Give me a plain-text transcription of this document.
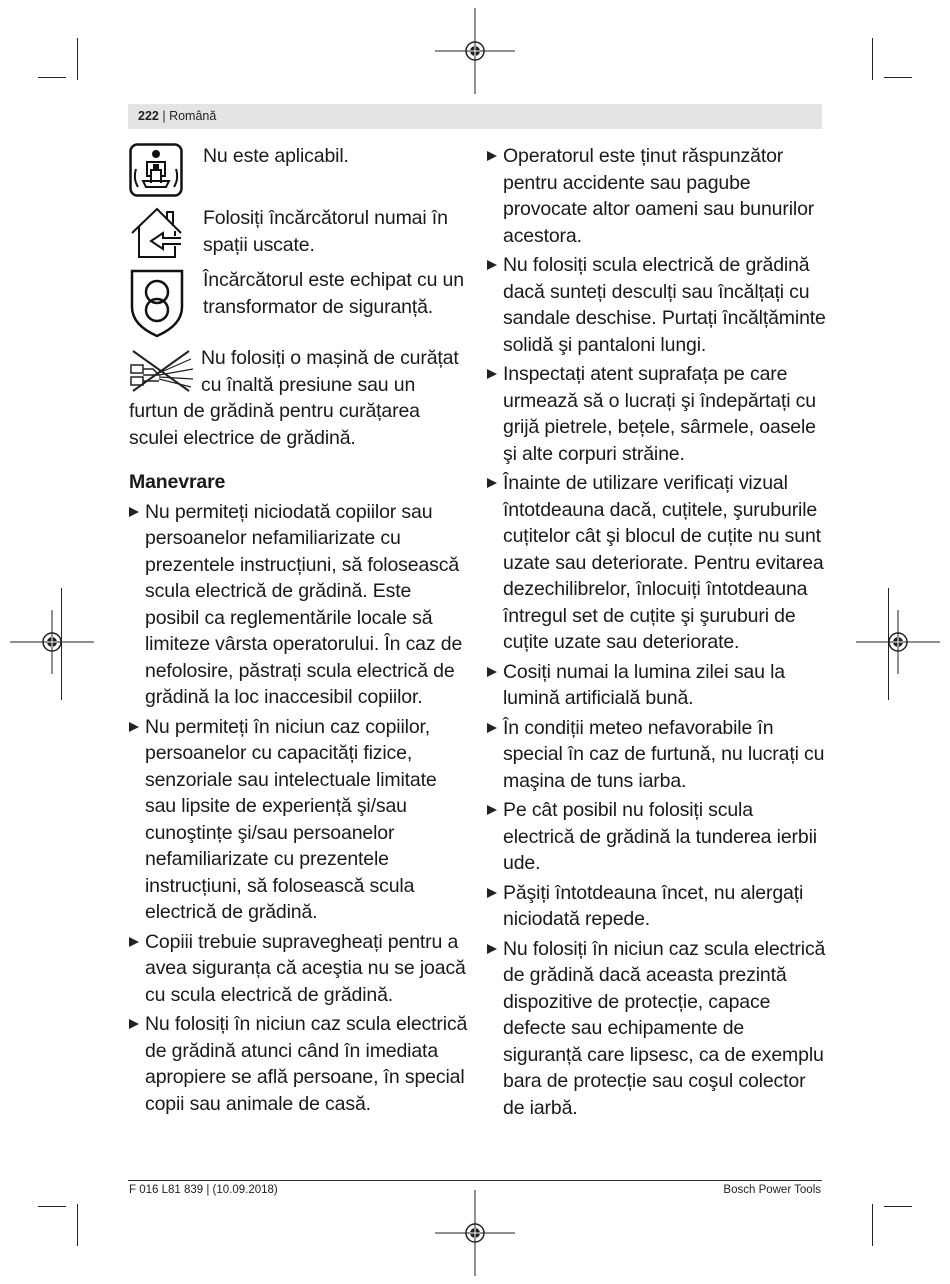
222 | Română
Nu este aplicabil.
Folosiți încărcătorul numai în spații uscate.
Încărcătorul este echipat cu un transformator de siguranță.
Nu folosiți o mașină de curățat cu înaltă presiune sau un furtun de grădină pentru curățarea sculei electrice de grădină.
Manevrare
Nu permiteți niciodată copiilor sau persoanelor nefamiliarizate cu prezentele instrucțiuni, să folosească scula electrică de grădină. Este posibil ca reglementările locale să limiteze vârsta operatorului. În caz de nefolosire, păstrați scula electrică de grădină la loc inaccesibil copiilor.
Nu permiteți în niciun caz copiilor, persoanelor cu capacități fizice, senzoriale sau intelectuale limitate sau lipsite de experiență şi/sau cunoştințe şi/sau persoanelor nefamiliarizate cu prezentele instrucțiuni, să folosească scula electrică de grădină.
Copiii trebuie supravegheați pentru a avea siguranța că aceştia nu se joacă cu scula electrică de grădină.
Nu folosiți în niciun caz scula electrică de grădină atunci când în imediata apropiere se află persoane, în special copii sau animale de casă.
Operatorul este ținut răspunzător pentru accidente sau pagube provocate altor oameni sau bunurilor acestora.
Nu folosiți scula electrică de grădină dacă sunteți desculți sau încălțați cu sandale deschise. Purtați încălțăminte solidă şi pantaloni lungi.
Inspectați atent suprafața pe care urmează să o lucrați şi îndepărtați cu grijă pietrele, bețele, sârmele, oasele şi alte corpuri străine.
Înainte de utilizare verificați vizual întotdeauna dacă, cuțitele, şuruburile cuțitelor cât şi blocul de cuțite nu sunt uzate sau deteriorate. Pentru evitarea dezechilibrelor, înlocuiți întotdeauna întregul set de cuțite şi şuruburi de cuțite uzate sau deteriorate.
Cosiți numai la lumina zilei sau la lumină artificială bună.
În condiții meteo nefavorabile în special în caz de furtună, nu lucrați cu maşina de tuns iarba.
Pe cât posibil nu folosiți scula electrică de grădină la tunderea ierbii ude.
Păşiți întotdeauna încet, nu alergați niciodată repede.
Nu folosiți în niciun caz scula electrică de grădină dacă aceasta prezintă dispozitive de protecție, capace defecte sau echipamente de siguranță care lipsesc, ca de exemplu bara de protecție sau coşul colector de iarbă.
F 016 L81 839 | (10.09.2018)	Bosch Power Tools
